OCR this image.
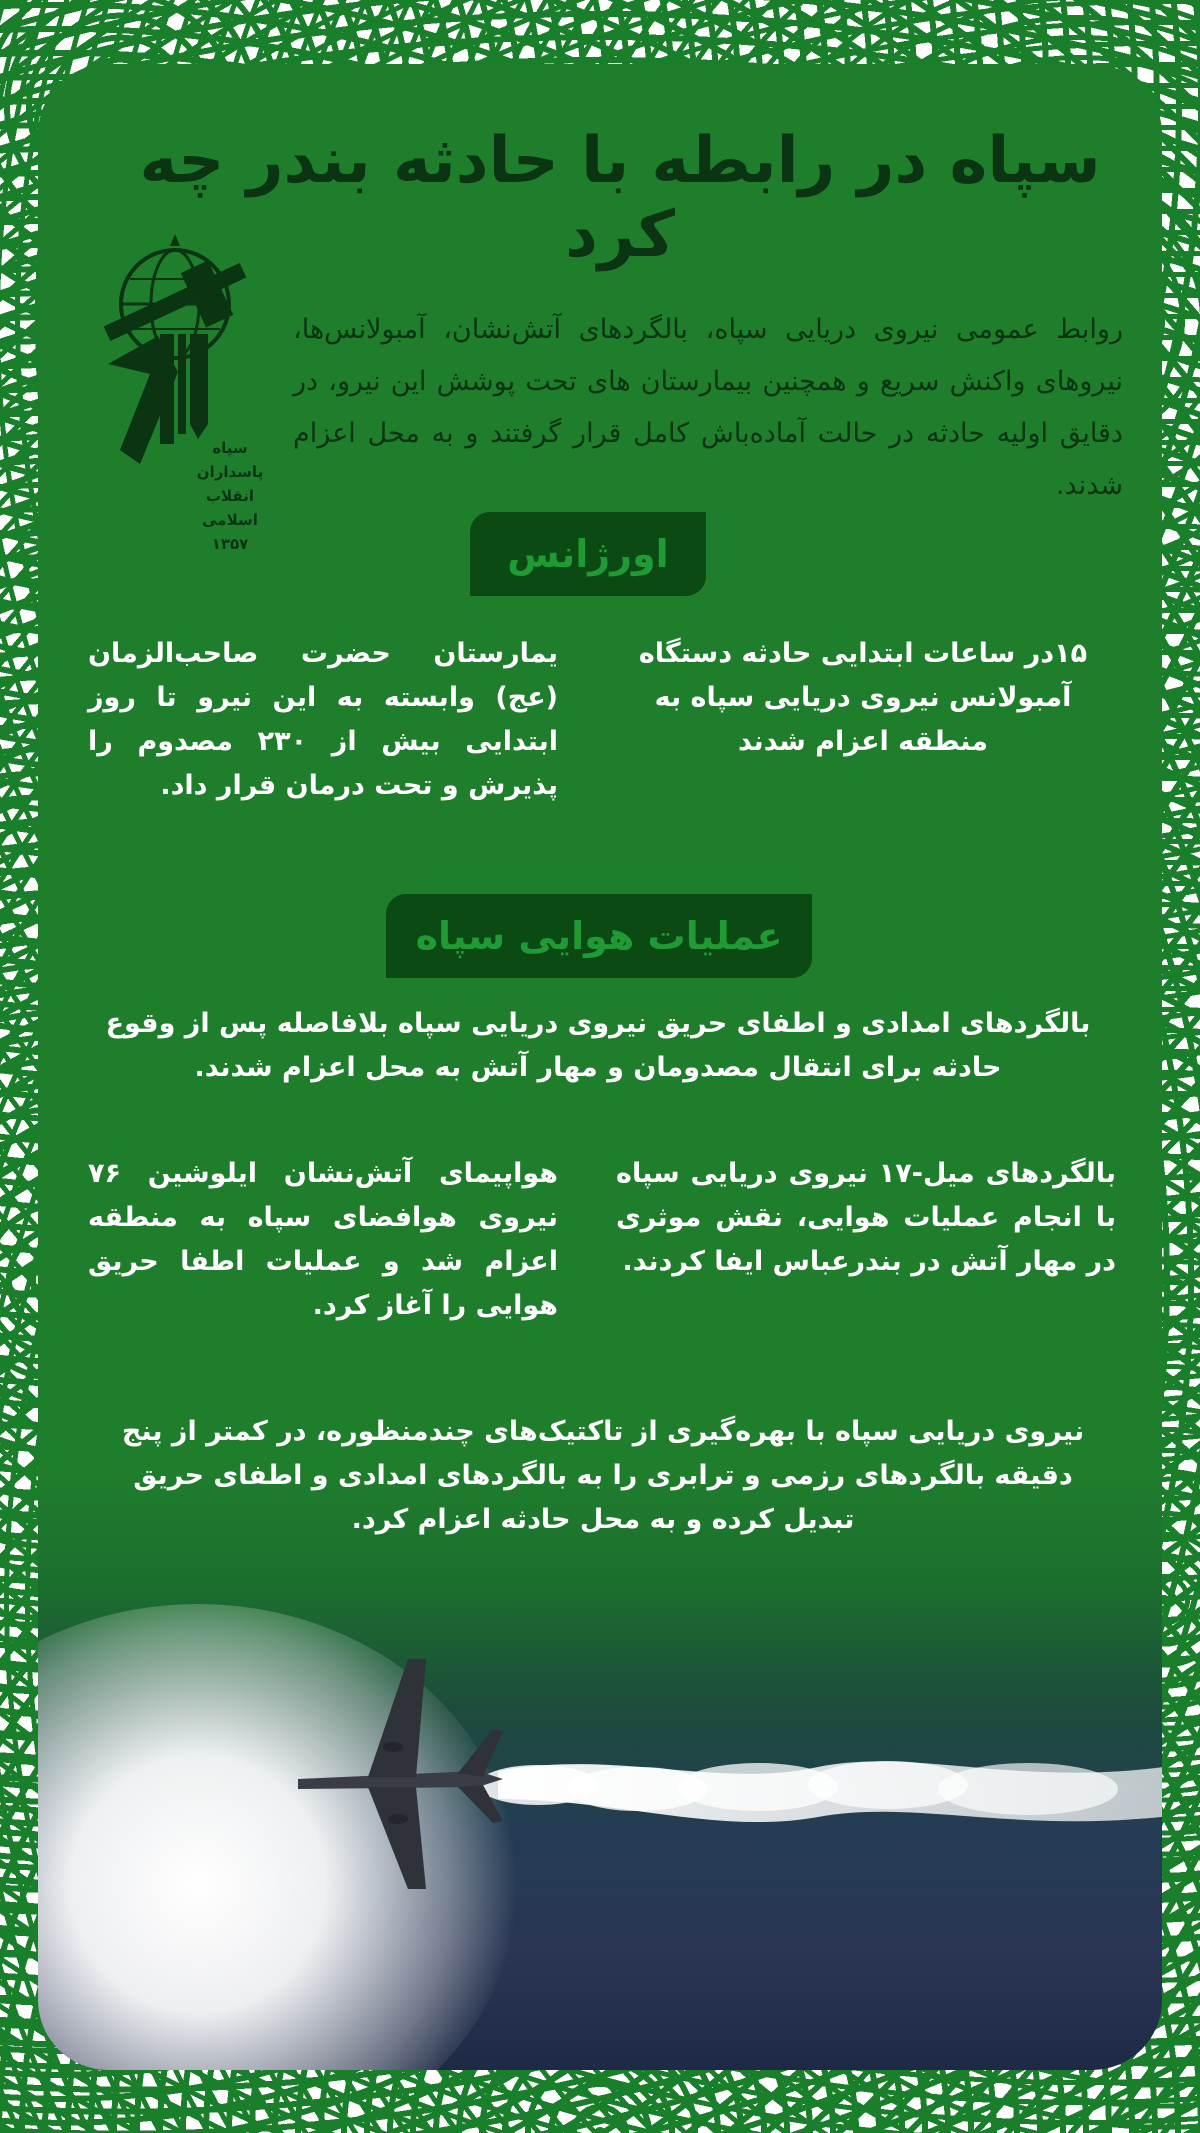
سپاه در رابطه با حادثه بندر چه کرد
سپاه پاسداران انقلاب اسلامی ۱۳۵۷
روابط عمومی نیروی دریایی سپاه، بالگردهای آتش‌نشان، آمبولانس‌ها، نیروهای واکنش سریع و همچنین بیمارستان های تحت پوشش این نیرو، در دقایق اولیه حادثه در حالت آماده‌باش کامل قرار گرفتند و به محل اعزام شدند.
اورژانس
۱۵در ساعات ابتدایی حادثه دستگاه آمبولانس نیروی دریایی سپاه به منطقه اعزام شدند
یمارستان حضرت صاحب‌الزمان (عج) وابسته به این نیرو تا روز ابتدایی بیش از ۲۳۰ مصدوم را پذیرش و تحت درمان قرار داد.
عملیات هوایی سپاه
بالگردهای امدادی و اطفای حریق نیروی دریایی سپاه بلافاصله پس از وقوع حادثه برای انتقال مصدومان و مهار آتش به محل اعزام شدند.
بالگردهای میل-۱۷ نیروی دریایی سپاه با انجام عملیات هوایی، نقش موثری در مهار آتش در بندرعباس ایفا کردند.
هواپیمای آتش‌نشان ایلوشین ۷۶ نیروی هوافضای سپاه به منطقه اعزام شد و عملیات اطفا حریق هوایی را آغاز کرد.
نیروی دریایی سپاه با بهره‌گیری از تاکتیک‌های چندمنظوره، در کمتر از پنج دقیقه بالگردهای رزمی و ترابری را به بالگردهای امدادی و اطفای حریق تبدیل کرده و به محل حادثه اعزام کرد.
